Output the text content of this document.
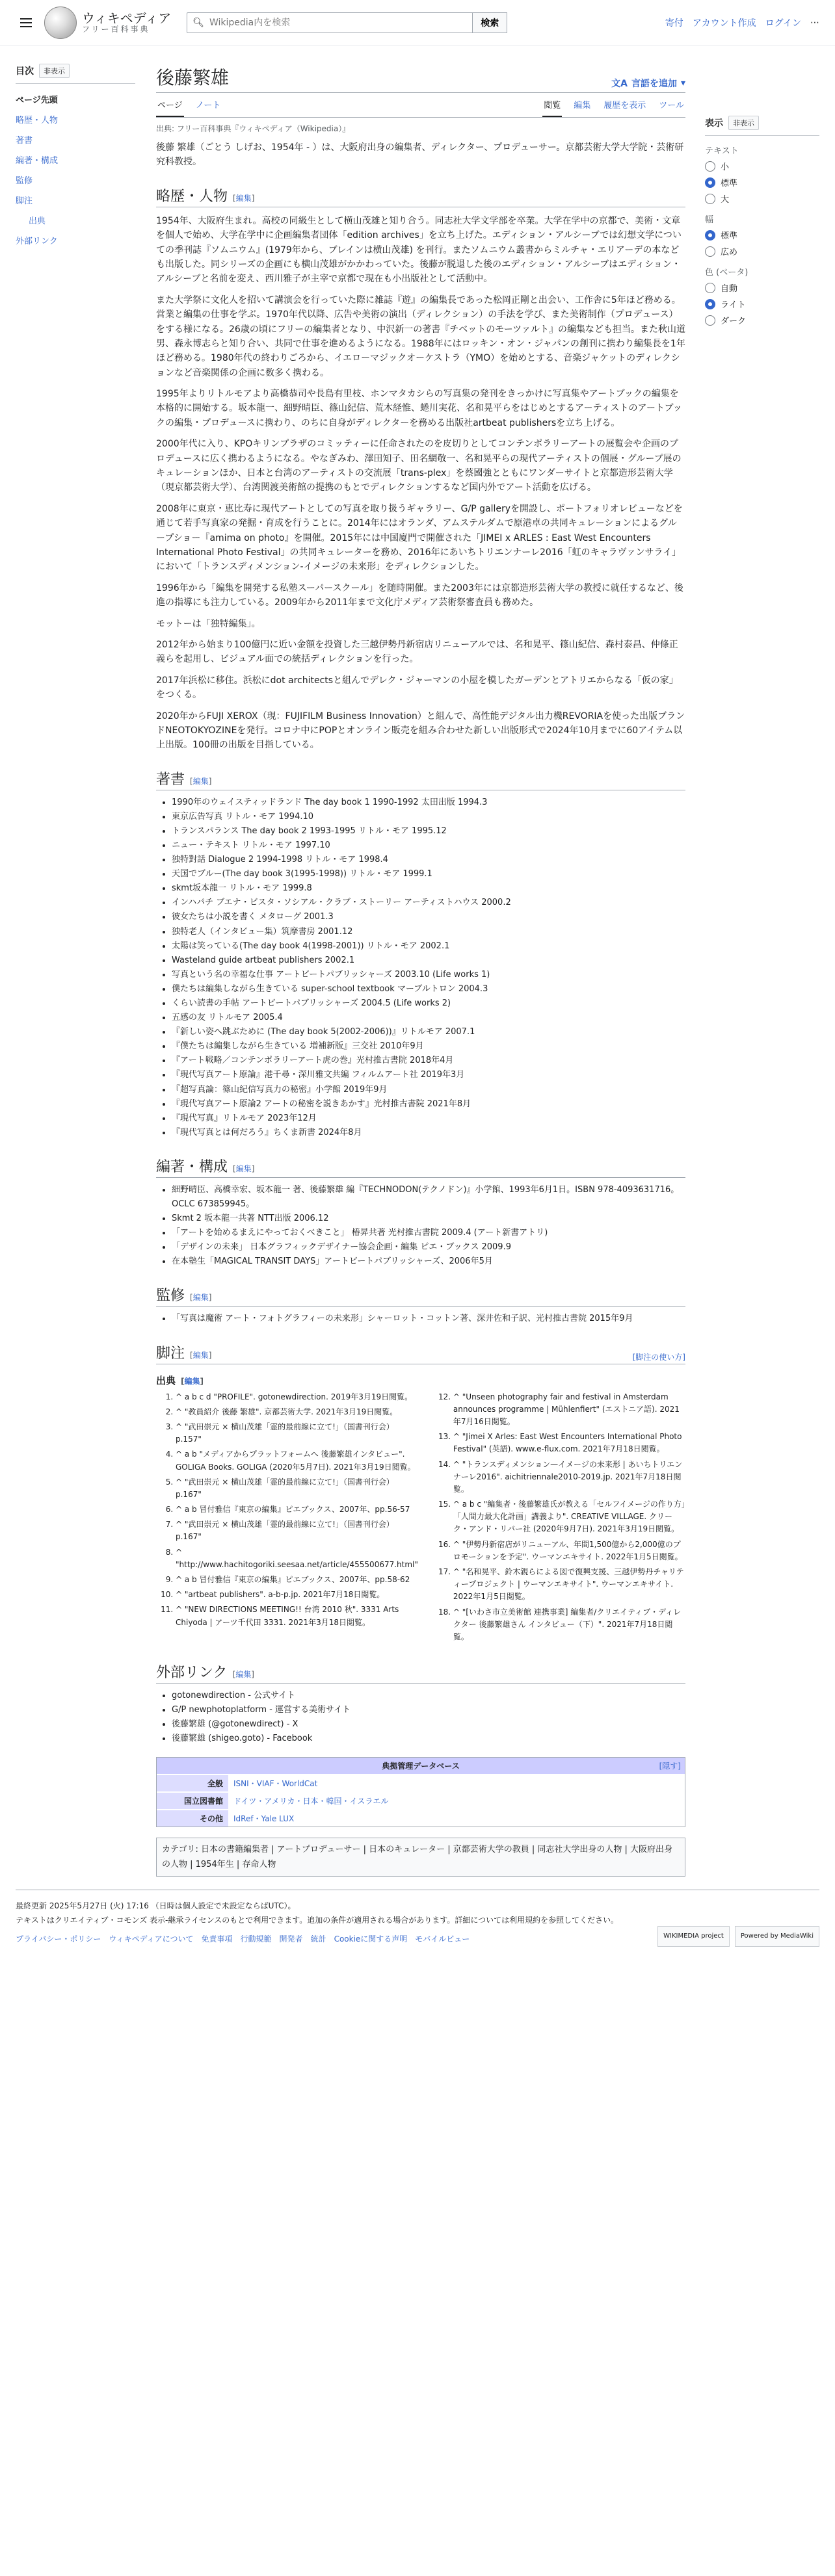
ウィキペディア
フリー百科事典
🔍︎
Wikipedia内を検索	検索	寄付 アカウント作成 ログイン ⋯
目次	非表示
ページ先頭
略歴・人物
著書
編著・構成
監修
脚注
出典
外部リンク
後藤繁雄	文A 言語を追加 ▾
ページ ノート	閲覧 編集 履歴を表示 ツール
出典: フリー百科事典『ウィキペディア（Wikipedia）』

後藤 繁雄（ごとう しげお、1954年 - ）は、大阪府出身の編集者、ディレクター、プロデューサー。京都芸術大学大学院・芸術研究科教授。

略歴・人物 [編集]

1954年、大阪府生まれ。高校の同級生として横山茂雄と知り合う。同志社大学文学部を卒業。大学在学中の京都で、美術・文章を個人で始め、大学在学中に企画編集者団体「edition archives」を立ち上げた。エディション・アルシーブでは幻想文学についての季刊誌『ソムニウム』(1979年から、ブレインは横山茂雄) を刊行。またソムニウム叢書からミルチャ・エリアーデの本なども出版した。同シリーズの企画にも横山茂雄がかかわっていた。後藤が脱退した後のエディション・アルシーブはエディション・アルシーブと名前を変え、西川雅子が主宰で京都で現在も小出版社として活動中。

また大学祭に文化人を招いて講演会を行っていた際に雑誌『遊』の編集長であった松岡正剛と出会い、工作舎に5年ほど務める。営業と編集の仕事を学ぶ。1970年代以降、広告や美術の演出（ディレクション）の手法を学び、また美術制作（プロデュース）をする様になる。26歳の頃にフリーの編集者となり、中沢新一の著書『チベットのモーツァルト』の編集なども担当。また秋山道男、森永博志らと知り合い、共同で仕事を進めるようになる。1988年にはロッキン・オン・ジャパンの創刊に携わり編集長を1年ほど務める。1980年代の終わりごろから、イエローマジックオーケストラ（YMO）を始めとする、音楽ジャケットのディレクションなど音楽関係の企画に数多く携わる。

1995年よりリトルモアより高橋恭司や長島有里枝、ホンマタカシらの写真集の発刊をきっかけに写真集やアートブックの編集を本格的に開始する。坂本龍一、細野晴臣、篠山紀信、荒木経惟、蜷川実花、名和晃平らをはじめとするアーティストのアートブックの編集・プロデュースに携わり、のちに自身がディレクターを務める出版社artbeat publishersを立ち上げる。

2000年代に入り、KPOキリンプラザのコミッティーに任命されたのを皮切りとしてコンテンポラリーアートの展覧会や企画のプロデュースに広く携わるようになる。やなぎみわ、澤田知子、田名網敬一、名和晃平らの現代アーティストの個展・グループ展のキュレーションほか、日本と台湾のアーティストの交流展「trans-plex」を蔡國強とともにワンダーサイトと京都造形芸術大学（現京都芸術大学）、台湾関渡美術館の提携のもとでディレクションするなど国内外でアート活動を広げる。

2008年に東京・恵比寿に現代アートとしての写真を取り扱うギャラリー、G/P galleryを開設し、ポートフォリオレビューなどを通じて若手写真家の発掘・育成を行うことに。2014年にはオランダ、アムステルダムで原港卓の共同キュレーションによるグループショー『amima on photo』を開催。2015年には中国廈門で開催された「JIMEI x ARLES : East West Encounters International Photo Festival」の共同キュレーターを務め、2016年にあいちトリエンナーレ2016「虹のキャラヴァンサライ」において「トランスディメンション-イメージの未来形」をディレクションした。

1996年から「編集を開発する私塾スーパースクール」を随時開催。また2003年には京都造形芸術大学の教授に就任するなど、後進の指導にも注力している。2009年から2011年まで文化庁メディア芸術祭審査員も務めた。

モットーは「独特編集」。

2012年から始まり100億円に近い金額を投資した三越伊勢丹新宿店リニューアルでは、名和晃平、篠山紀信、森村泰昌、仲條正義らを起用し、ビジュアル面での統括ディレクションを行った。

2017年浜松に移住。浜松にdot architectsと組んでデレク・ジャーマンの小屋を模したガーデンとアトリエからなる「仮の家」をつくる。

2020年からFUJI XEROX（現：FUJIFILM Business Innovation）と組んで、高性能デジタル出力機REVORIAを使った出版ブランドNEOTOKYOZINEを発行。コロナ中にPOPとオンライン販売を組み合わせた新しい出版形式で2024年10月までに60アイテム以上出版。100冊の出版を目指している。

著書 [編集]
• 1990年のウェイスティッドランド The day book 1 1990-1992 太田出版 1994.3
• 東京広告写真 リトル・モア 1994.10
• トランスパランス The day book 2 1993-1995 リトル・モア 1995.12
• ニュー・テキスト リトル・モア 1997.10
• 独特對話 Dialogue 2 1994-1998 リトル・モア 1998.4
• 天国でブルー(The day book 3(1995-1998)) リトル・モア 1999.1
• skmt坂本龍一 リトル・モア 1999.8
• インハパチ ブエナ・ビスタ・ソシアル・クラブ・ストーリー アーティストハウス 2000.2
• 彼女たちは小説を書く メタローグ 2001.3
• 独特老人（インタビュー集）筑摩書房 2001.12
• 太陽は笑っている(The day book 4(1998-2001)) リトル・モア 2002.1
• Wasteland guide artbeat publishers 2002.1
• 写真という名の幸福な仕事 アートビートパブリッシャーズ 2003.10 (Life works 1)
• 僕たちは編集しながら生きている super-school textbook マーブルトロン 2004.3
• くらい読書の手帖 アートビートパブリッシャーズ 2004.5 (Life works 2)
• 五感の友 リトルモア 2005.4
• 『新しい姿へ跳ぶために (The day book 5(2002-2006))』リトルモア 2007.1
• 『僕たちは編集しながら生きている 増補新版』三交社 2010年9月
• 『アート戦略／コンテンポラリーアート虎の巻』光村推古書院 2018年4月
• 『現代写真アート原論』港千尋・深川雅文共編 フィルムアート社 2019年3月
• 『超写真論：篠山紀信写真力の秘密』小学館 2019年9月
• 『現代写真アート原論2 アートの秘密を説きあかす』光村推古書院 2021年8月
• 『現代写真』リトルモア 2023年12月
• 『現代写真とは何だろう』ちくま新書 2024年8月
編著・構成 [編集]
• 細野晴臣、高橋幸宏、坂本龍一 著、後藤繁雄 編『TECHNODON(テクノドン)』小学館、1993年6月1日。ISBN 978-4093631716。OCLC 673859945。
• Skmt 2 坂本龍一共著 NTT出版 2006.12
• 「アートを始めるまえにやっておくべきこと」 椿昇共著 光村推古書院 2009.4 (アート新書アトリ)
• 「デザインの未来」 日本グラフィックデザイナー協会企画・編集 ピエ・ブックス 2009.9
• 在本塾生「MAGICAL TRANSIT DAYS」アートビートパブリッシャーズ、2006年5月
監修 [編集]
• 「写真は魔術 アート・フォトグラフィーの未来形」シャーロット・コットン著、深井佐和子訳、光村推古書院 2015年9月
脚注 [編集]	[脚注の使い方]
出典 [編集]
1. ^ a b c d "PROFILE". gotonewdirection. 2019年3月19日閲覧。
2. ^ "教員紹介 後藤 繁雄". 京都芸術大学. 2021年3月19日閲覧。
3. ^ "武田崇元 × 横山茂雄「霊的最前線に立て!」（国書刊行会）p.157"
4. ^ a b "メディアからプラットフォームへ 後藤繁雄インタビュー". GOLIGA Books. GOLIGA (2020年5月7日). 2021年3月19日閲覧。
5. ^ "武田崇元 × 横山茂雄「霊的最前線に立て!」（国書刊行会）p.167"
6. ^ a b 冒付雅信『東京の編集』ピエブックス、2007年、pp.56-57
7. ^ "武田崇元 × 横山茂雄「霊的最前線に立て!」（国書刊行会）p.167"
8. ^ "http://www.hachitogoriki.seesaa.net/article/455500677.html"
9. ^ a b 冒付雅信『東京の編集』ピエブックス、2007年、pp.58-62
10. ^ "artbeat publishers". a-b-p.jp. 2021年7月18日閲覧。
11. ^ "NEW DIRECTIONS MEETING!! 台湾 2010 秋". 3331 Arts Chiyoda | アーツ千代田 3331. 2021年3月18日閲覧。
12. ^ "Unseen photography fair and festival in Amsterdam announces programme | Mühlenfiert" (エストニア語). 2021年7月16日閲覧。
13. ^ "Jimei X Arles: East West Encounters International Photo Festival" (英語). www.e-flux.com. 2021年7月18日閲覧。
14. ^ "トランスディメンション—イメージの未来形 | あいちトリエンナーレ2016". aichitriennale2010-2019.jp. 2021年7月18日閲覧。
15. ^ a b c "編集者・後藤繁雄氏が教える「セルフイメージの作り方」「人間力最大化計画」講義より". CREATIVE VILLAGE. クリーク・アンド・リバー社 (2020年9月7日). 2021年3月19日閲覧。
16. ^ "伊勢丹新宿店がリニューアル、年間1,500億から2,000億のプロモーションを予定". ウーマンエキサイト. 2022年1月5日閲覧。
17. ^ "名和晃平、鈴木親らによる図で復興支援、三越伊勢丹チャリティープロジェクト | ウーマンエキサイト". ウーマンエキサイト. 2022年1月5日閲覧。
18. ^ "[いわさ市立美術館 連携事業] 編集者/クリエイティブ・ディレクター 後藤繁雄さん インタビュー（下）". 2021年7月18日閲覧。
外部リンク [編集]
• gotonewdirection - 公式サイト
• G/P newphotoplatform - 運営する美術サイト
• 後藤繁雄 (@gotonewdirect) - X
• 後藤繁雄 (shigeo.goto) - Facebook
典拠管理データベース	[隠す]
全般	ISNI・VIAF・WorldCat
国立図書館	ドイツ・アメリカ・日本・韓国・イスラエル
その他	IdRef・Yale LUX
カテゴリ: 日本の書籍編集者 | アートプロデューサー | 日本のキュレーター | 京都芸術大学の教員 | 同志社大学出身の人物 | 大阪府出身の人物 | 1954年生 | 存命人物
表示	非表示
テキスト
小
標準
大
幅
標準
広め
色 (ベータ)
自動
ライト
ダーク
最終更新 2025年5月27日 (火) 17:16 （日時は個人設定で未設定ならばUTC）。
テキストはクリエイティブ・コモンズ 表示-継承ライセンスのもとで利用できます。追加の条件が適用される場合があります。詳細については利用規約を参照してください。
プライバシー・ポリシー ウィキペディアについて 免責事項 行動規範 開発者 統計 Cookieに関する声明 モバイルビュー	WIKIMEDIA project	Powered by MediaWiki
